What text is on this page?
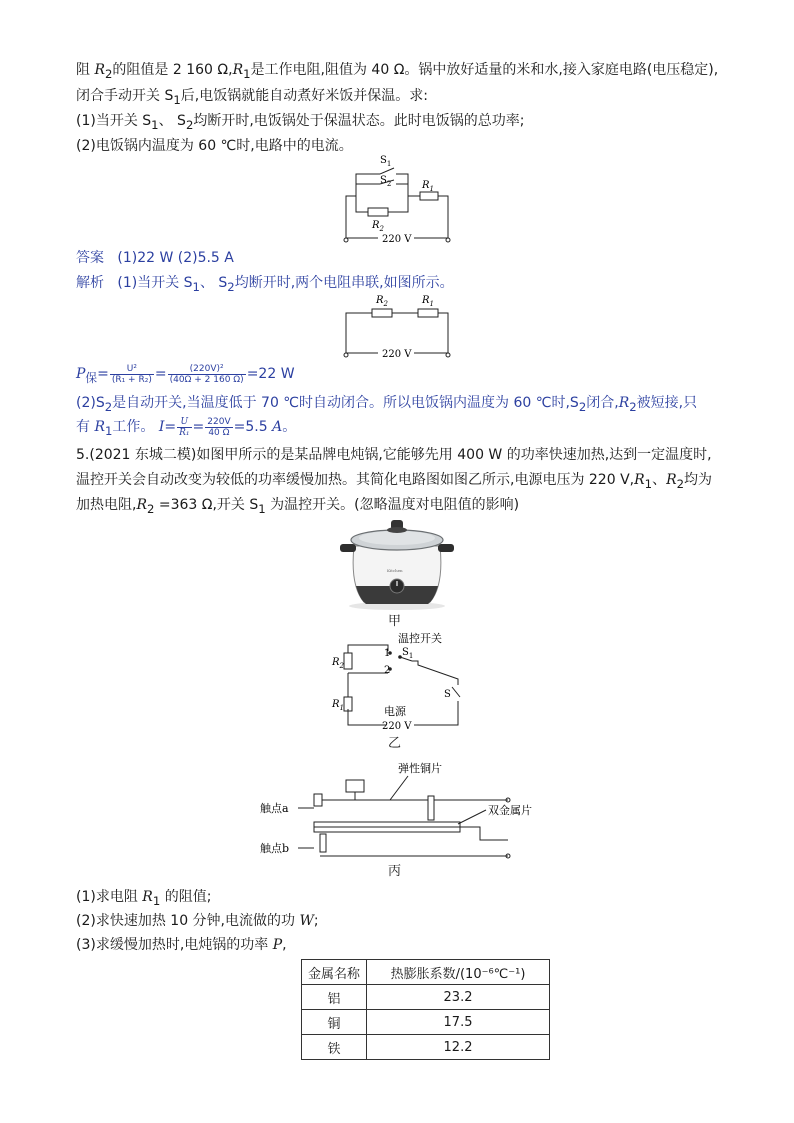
阻 $R_2$的阻值是 2 160 $\Omega,R_1$是工作电阻,阻值为 40 Ω。锅中放好适量的米和水,接入家庭电路(电压稳定),
闭合手动开关 $S_1$后,电饭锅就能自动煮好米饭并保温。求:
(1)当开关 $S_1$、 $S_2$均断开时,电饭锅处于保温状态。此时电饭锅的总功率;
(2)电饭锅内温度为 60 ℃时,电路中的电流。
$S_1$
$S_2$	$R_1$
$R_2$
220 V
答案 (1)22 W (2)5.5 A
解析 (1)当开关 $S_1$、 $S_2$均断开时,两个电阻串联,如图所示。
$R_2$	$R_1$
220 V
$P_保= \frac{\text{U²}}{\text{(R₁ + R₂)}} = \frac{\text{(220V)²}}{(40\Omega + 2 160 \Omega)} =22$ W
$(2)S_2$是自动开关,当温度低于 70 ℃时自动闭合。所以电饭锅内温度为 60 ℃时$,S_2$闭合$,R_2$被短接,只
有 $R_1$工作。 $I= \frac{U}{\text{R₁}} = \frac{220V}{40 \Omega} =5.5$ A。
5.(2021 东城二模)如图甲所示的是某品牌电炖锅,它能够先用 400 W 的功率快速加热,达到一定温度时,
温控开关会自动改变为较低的功率缓慢加热。其简化电路图如图乙所示,电源电压为 220 $V,R_1$、$R_2$均为
加热电阻$,R_2 =363$ Ω,开关 $S_1$ 为温控开关。(忽略温度对电阻值的影响)
Kitchen
甲
温控开关
1
2
$S_1$
$R_2$
$R_1$
S
电源
220 V
乙
弹性铜片
双金属片
触点a
触点b
丙
(1)求电阻 $R_1$ 的阻值;
(2)求快速加热 10 分钟,电流做的功 W;
(3)求缓慢加热时,电炖锅的功率 P,
金属名称	热膨胀系数/(10⁻⁶℃⁻¹)
铝	23.2
铜	17.5
铁	12.2
